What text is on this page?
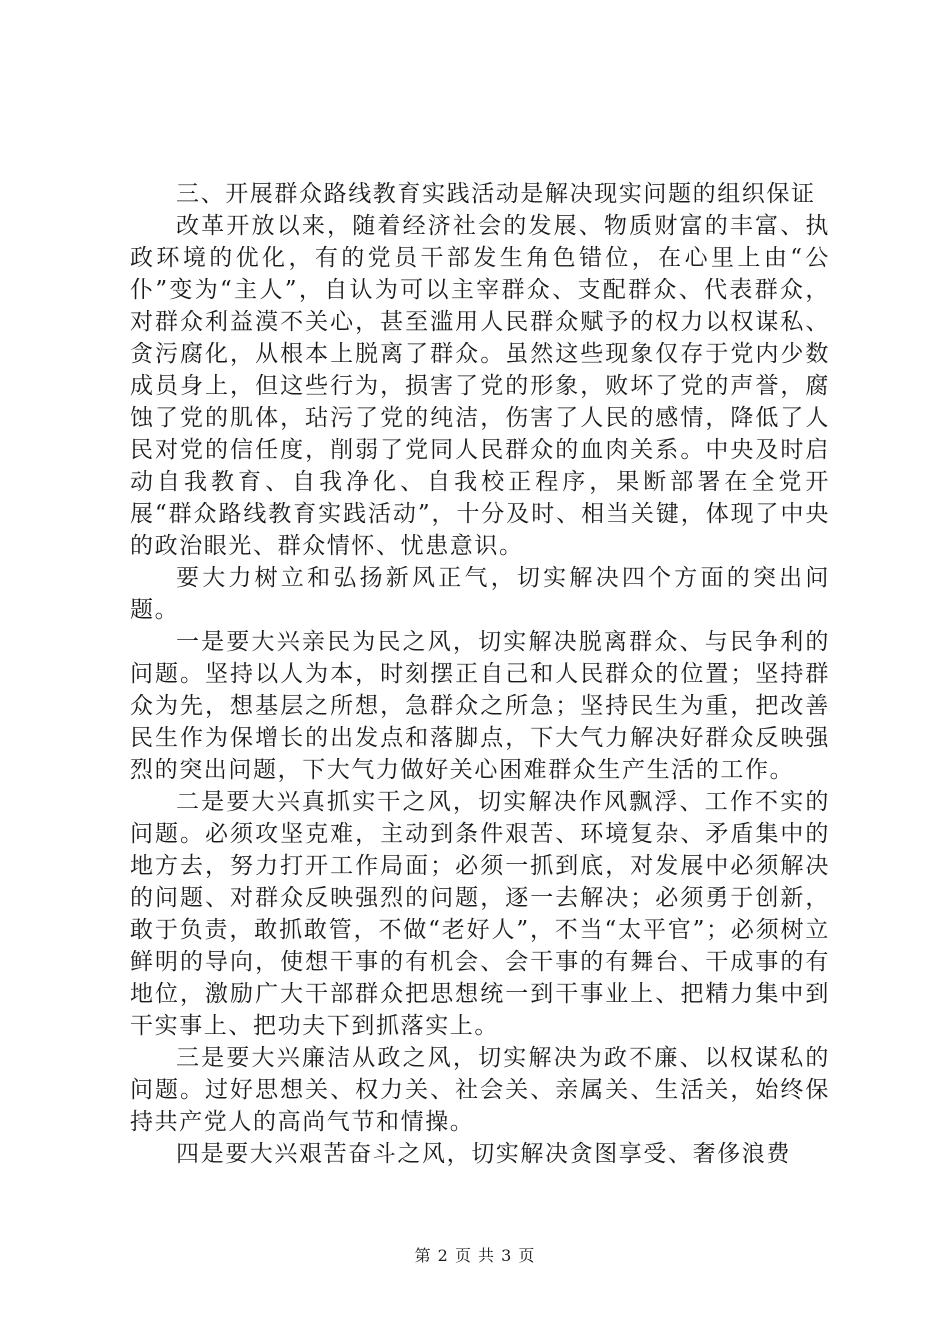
三、开展群众路线教育实践活动是解决现实问题的组织保证

改革开放以来，随着经济社会的发展、物质财富的丰富、执政环境的优化，有的党员干部发生角色错位，在心里上由“公仆”变为“主人”，自认为可以主宰群众、支配群众、代表群众，对群众利益漠不关心，甚至滥用人民群众赋予的权力以权谋私、贪污腐化，从根本上脱离了群众。虽然这些现象仅存于党内少数成员身上，但这些行为，损害了党的形象，败坏了党的声誉，腐蚀了党的肌体，玷污了党的纯洁，伤害了人民的感情，降低了人民对党的信任度，削弱了党同人民群众的血肉关系。中央及时启动自我教育、自我净化、自我校正程序，果断部署在全党开展“群众路线教育实践活动”，十分及时、相当关键，体现了中央的政治眼光、群众情怀、忧患意识。

要大力树立和弘扬新风正气，切实解决四个方面的突出问题。

一是要大兴亲民为民之风，切实解决脱离群众、与民争利的问题。坚持以人为本，时刻摆正自己和人民群众的位置；坚持群众为先，想基层之所想，急群众之所急；坚持民生为重，把改善民生作为保增长的出发点和落脚点，下大气力解决好群众反映强烈的突出问题，下大气力做好关心困难群众生产生活的工作。

二是要大兴真抓实干之风，切实解决作风飘浮、工作不实的问题。必须攻坚克难，主动到条件艰苦、环境复杂、矛盾集中的地方去，努力打开工作局面；必须一抓到底，对发展中必须解决的问题、对群众反映强烈的问题，逐一去解决；必须勇于创新，敢于负责，敢抓敢管，不做“老好人”，不当“太平官”；必须树立鲜明的导向，使想干事的有机会、会干事的有舞台、干成事的有地位，激励广大干部群众把思想统一到干事业上、把精力集中到干实事上、把功夫下到抓落实上。

三是要大兴廉洁从政之风，切实解决为政不廉、以权谋私的问题。过好思想关、权力关、社会关、亲属关、生活关，始终保持共产党人的高尚气节和情操。

四是要大兴艰苦奋斗之风，切实解决贪图享受、奢侈浪费

第 2 页 共 3 页
